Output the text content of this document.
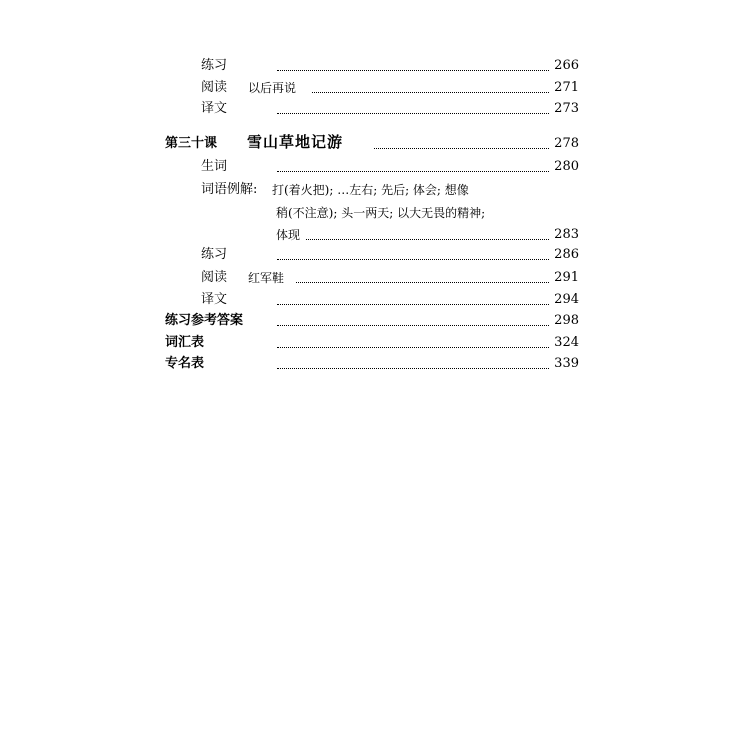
练习	266
阅读 以后再说	271
译文	273
第三十课 雪山草地记游	278
生词	280
词语例解: 打(着火把); …左右; 先后; 体会; 想像
稍(不注意); 头一两天; 以大无畏的精神;
体现	283
练习	286
阅读 红军鞋	291
译文	294
练习参考答案	298
词汇表	324
专名表	339
